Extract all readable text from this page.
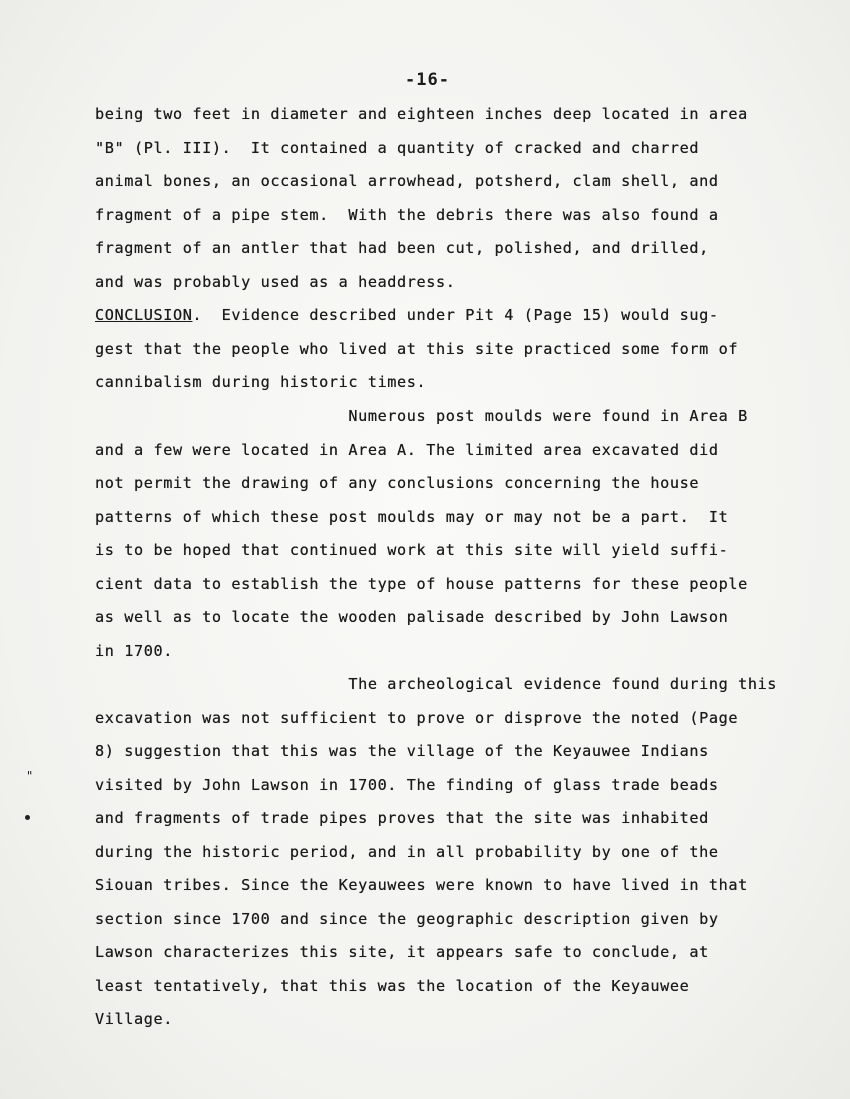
-16-
being two feet in diameter and eighteen inches deep located in area
"B" (Pl. III).  It contained a quantity of cracked and charred
animal bones, an occasional arrowhead, potsherd, clam shell, and
fragment of a pipe stem.  With the debris there was also found a
fragment of an antler that had been cut, polished, and drilled,
and was probably used as a headdress.
CONCLUSION.  Evidence described under Pit 4 (Page 15) would sug-
gest that the people who lived at this site practiced some form of
cannibalism during historic times.
Numerous post moulds were found in Area B
and a few were located in Area A. The limited area excavated did
not permit the drawing of any conclusions concerning the house
patterns of which these post moulds may or may not be a part.  It
is to be hoped that continued work at this site will yield suffi-
cient data to establish the type of house patterns for these people
as well as to locate the wooden palisade described by John Lawson
in 1700.
The archeological evidence found during this
excavation was not sufficient to prove or disprove the noted (Page
8) suggestion that this was the village of the Keyauwee Indians
visited by John Lawson in 1700. The finding of glass trade beads
and fragments of trade pipes proves that the site was inhabited
during the historic period, and in all probability by one of the
Siouan tribes. Since the Keyauwees were known to have lived in that
section since 1700 and since the geographic description given by
Lawson characterizes this site, it appears safe to conclude, at
least tentatively, that this was the location of the Keyauwee
Village.
"
